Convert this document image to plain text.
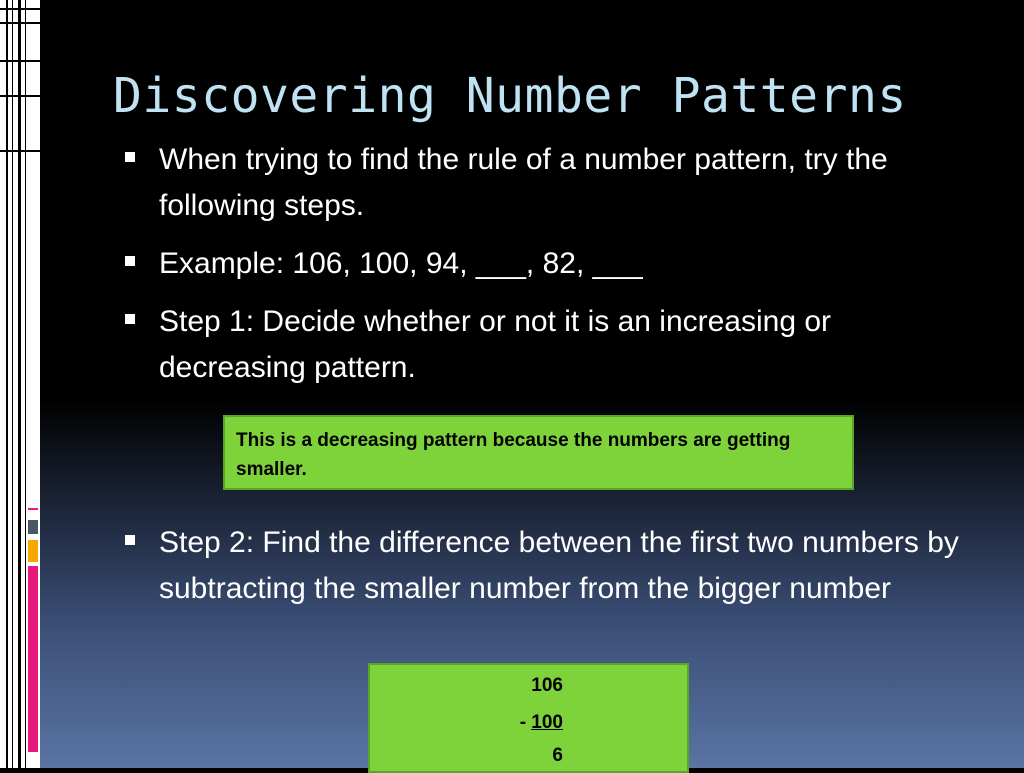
Discovering Number Patterns
When trying to find the rule of a number pattern, try the following steps.
Example: 106, 100, 94, ___, 82, ___
Step 1: Decide whether or not it is an increasing or decreasing pattern.
This is a decreasing pattern because the numbers are getting smaller.
Step 2: Find the difference between the first two numbers by subtracting the smaller number from the bigger number
106
- 100
6
